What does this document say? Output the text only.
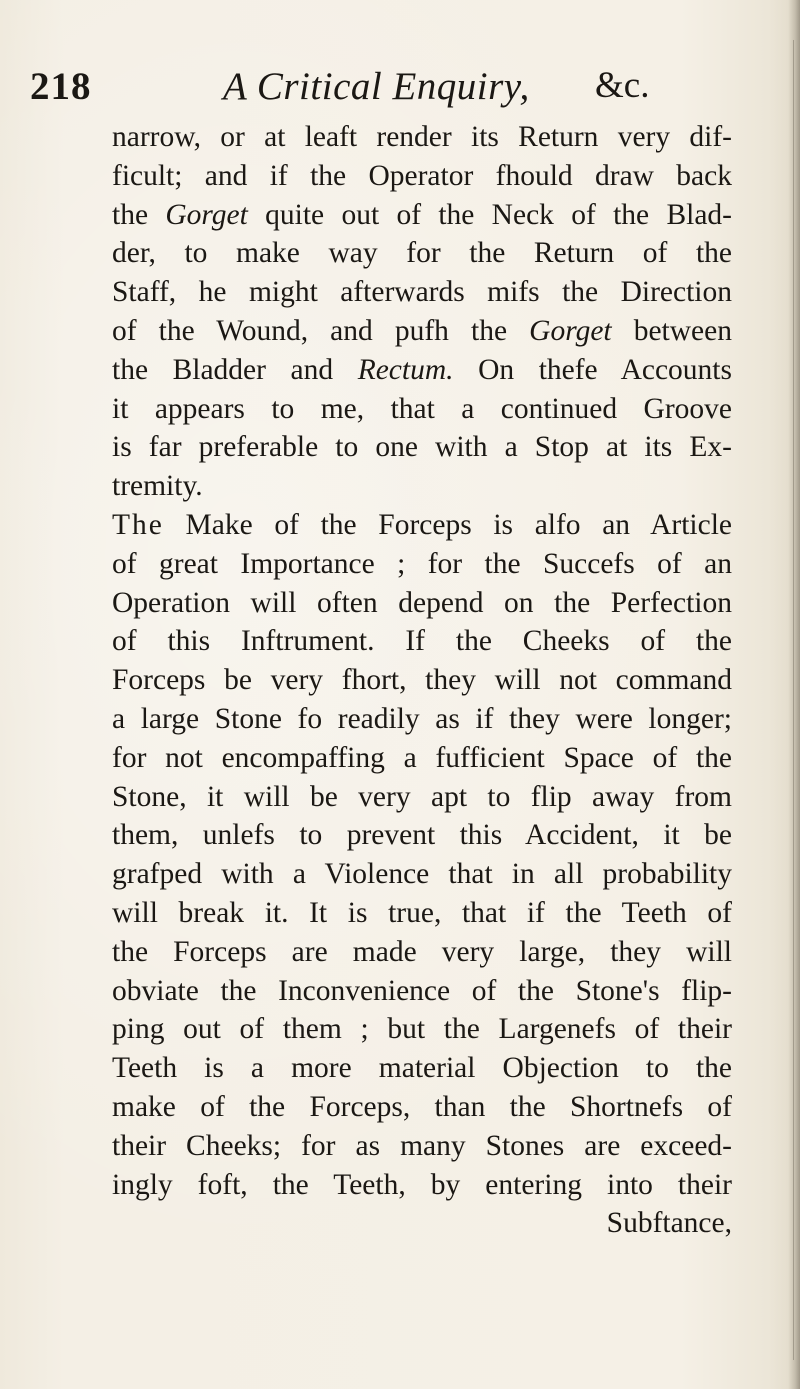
218	A Critical Enquiry, &c.
narrow, or at leaft render its Return very dif-
ficult; and if the Operator fhould draw back
the Gorget quite out of the Neck of the Blad-
der, to make way for the Return of the
Staff, he might afterwards mifs the Direction
of the Wound, and pufh the Gorget between
the Bladder and Rectum. On thefe Accounts
it appears to me, that a continued Groove
is far preferable to one with a Stop at its Ex-
tremity.
The Make of the Forceps is alfo an Article
of great Importance ; for the Succefs of an
Operation will often depend on the Perfection
of this Inftrument. If the Cheeks of the
Forceps be very fhort, they will not command
a large Stone fo readily as if they were longer;
for not encompaffing a fufficient Space of the
Stone, it will be very apt to flip away from
them, unlefs to prevent this Accident, it be
grafped with a Violence that in all probability
will break it. It is true, that if the Teeth of
the Forceps are made very large, they will
obviate the Inconvenience of the Stone's flip-
ping out of them ; but the Largenefs of their
Teeth is a more material Objection to the
make of the Forceps, than the Shortnefs of
their Cheeks; for as many Stones are exceed-
ingly foft, the Teeth, by entering into their
Subftance,
